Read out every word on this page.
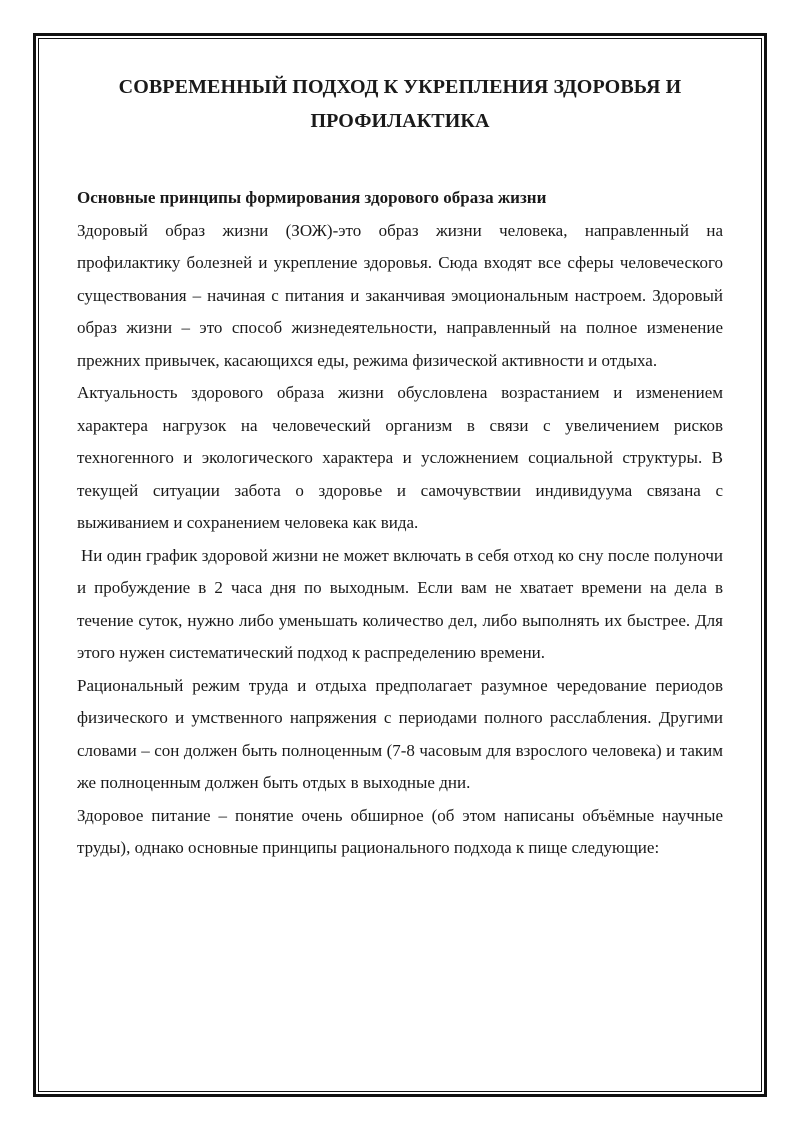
СОВРЕМЕННЫЙ ПОДХОД К УКРЕПЛЕНИЯ ЗДОРОВЬЯ И
ПРОФИЛАКТИКА

Основные принципы формирования здорового образа жизни

Здоровый образ жизни (ЗОЖ)-это образ жизни человека, направленный на профилактику болезней и укрепление здоровья. Сюда входят все сферы человеческого существования – начиная с питания и заканчивая эмоциональным настроем. Здоровый образ жизни – это способ жизнедеятельности, направленный на полное изменение прежних привычек, касающихся еды, режима физической активности и отдыха.

Актуальность здорового образа жизни обусловлена возрастанием и изменением характера нагрузок на человеческий организм в связи с увеличением рисков техногенного и экологического характера и усложнением социальной структуры. В текущей ситуации забота о здоровье и самочувствии индивидуума связана с выживанием и сохранением человека как вида.

Ни один график здоровой жизни не может включать в себя отход ко сну после полуночи и пробуждение в 2 часа дня по выходным. Если вам не хватает времени на дела в течение суток, нужно либо уменьшать количество дел, либо выполнять их быстрее. Для этого нужен систематический подход к распределению времени.

Рациональный режим труда и отдыха предполагает разумное чередование периодов физического и умственного напряжения с периодами полного расслабления. Другими словами – сон должен быть полноценным (7-8 часовым для взрослого человека) и таким же полноценным должен быть отдых в выходные дни.

Здоровое питание – понятие очень обширное (об этом написаны объёмные научные труды), однако основные принципы рационального подхода к пище следующие:
